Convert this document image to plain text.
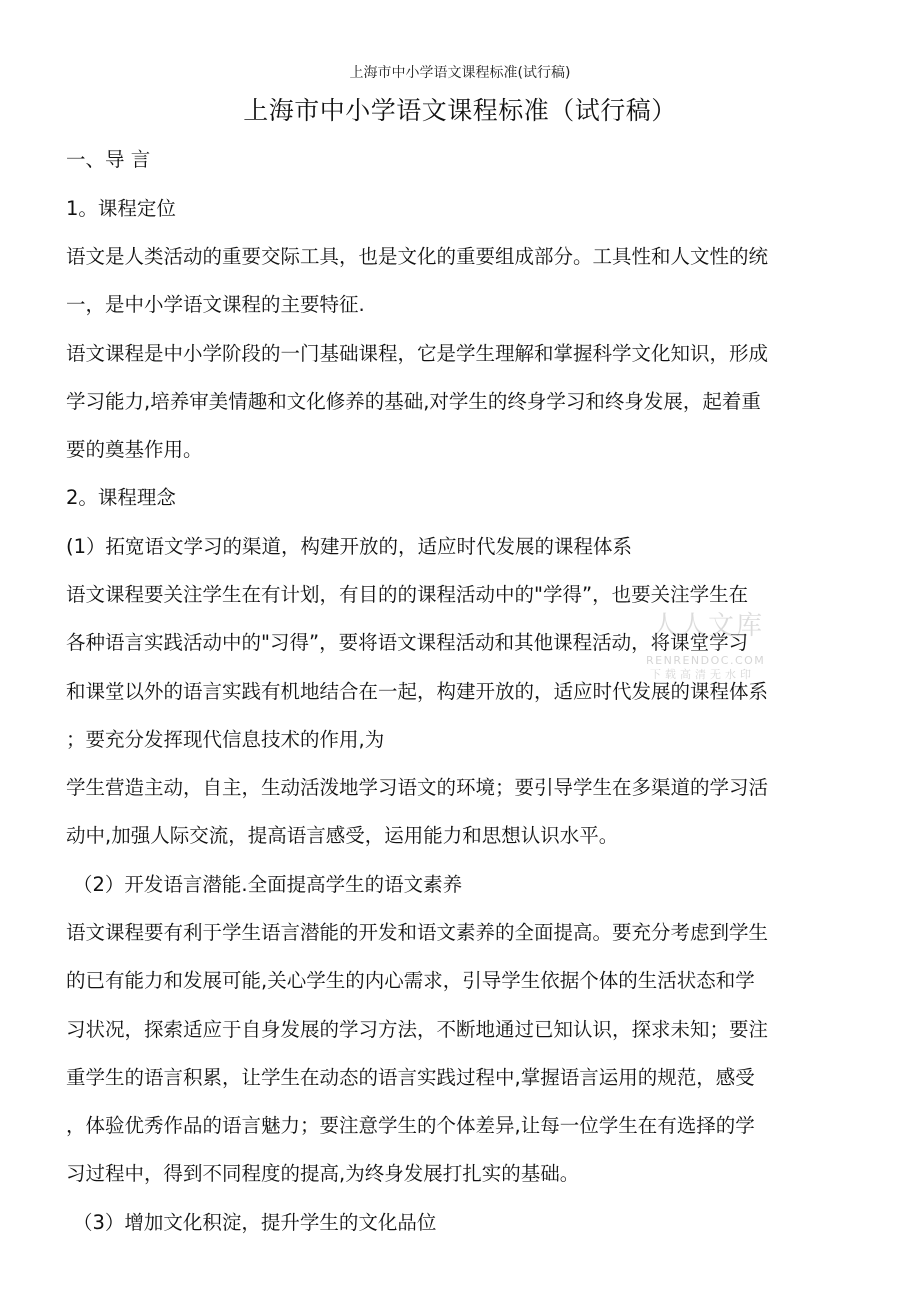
上海市中小学语文课程标准(试行稿)
上海市中小学语文课程标准（试行稿）
人人文库
RENRENDOC.COM
下载高清无水印
一、导 言
1。课程定位
语文是人类活动的重要交际工具，也是文化的重要组成部分。工具性和人文性的统
一，是中小学语文课程的主要特征.
语文课程是中小学阶段的一门基础课程，它是学生理解和掌握科学文化知识，形成
学习能力,培养审美情趣和文化修养的基础,对学生的终身学习和终身发展，起着重
要的奠基作用。
2。课程理念
(1）拓宽语文学习的渠道，构建开放的，适应时代发展的课程体系
语文课程要关注学生在有计划，有目的的课程活动中的"学得”，也要关注学生在
各种语言实践活动中的"习得”，要将语文课程活动和其他课程活动，将课堂学习
和课堂以外的语言实践有机地结合在一起，构建开放的，适应时代发展的课程体系
；要充分发挥现代信息技术的作用,为
学生营造主动，自主，生动活泼地学习语文的环境；要引导学生在多渠道的学习活
动中,加强人际交流，提高语言感受，运用能力和思想认识水平。
（2）开发语言潜能.全面提高学生的语文素养
语文课程要有利于学生语言潜能的开发和语文素养的全面提高。要充分考虑到学生
的已有能力和发展可能,关心学生的内心需求，引导学生依据个体的生活状态和学
习状况，探索适应于自身发展的学习方法，不断地通过已知认识，探求未知；要注
重学生的语言积累，让学生在动态的语言实践过程中,掌握语言运用的规范，感受
，体验优秀作品的语言魅力；要注意学生的个体差异,让每一位学生在有选择的学
习过程中，得到不同程度的提高,为终身发展打扎实的基础。
（3）增加文化积淀，提升学生的文化品位
